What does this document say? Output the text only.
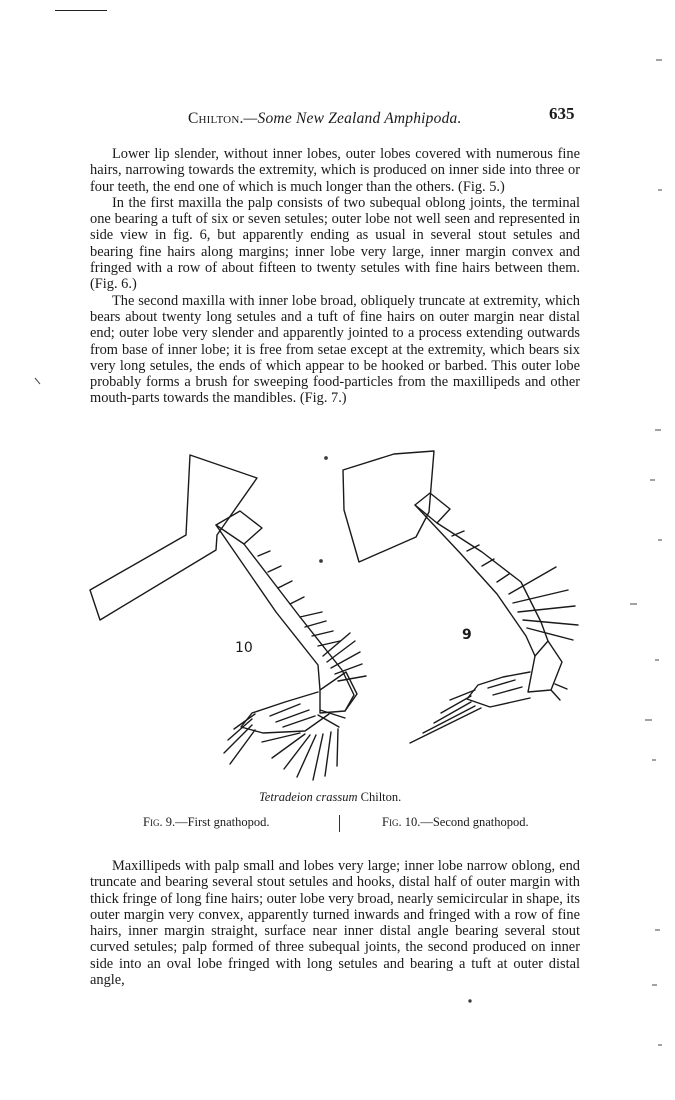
Chilton.—Some New Zealand Amphipoda.	635

Lower lip slender, without inner lobes, outer lobes covered with numerous fine hairs, narrowing towards the extremity, which is produced on inner side into three or four teeth, the end one of which is much longer than the others. (Fig. 5.)

In the first maxilla the palp consists of two subequal oblong joints, the terminal one bearing a tuft of six or seven setules; outer lobe not well seen and represented in side view in fig. 6, but apparently ending as usual in several stout setules and bearing fine hairs along margins; inner lobe very large, inner margin convex and fringed with a row of about fifteen to twenty setules with fine hairs between them. (Fig. 6.)

The second maxilla with inner lobe broad, obliquely truncate at extremity, which bears about twenty long setules and a tuft of fine hairs on outer margin near distal end; outer lobe very slender and apparently jointed to a process extending outwards from base of inner lobe; it is free from setae except at the extremity, which bears six very long setules, the ends of which appear to be hooked or barbed. This outer lobe probably forms a brush for sweeping food-particles from the maxillipeds and other mouth-parts towards the mandibles. (Fig. 7.)

10
9
Tetradeion crassum Chilton.
Fig. 9.—First gnathopod.	Fig. 10.—Second gnathopod.

Maxillipeds with palp small and lobes very large; inner lobe narrow oblong, end truncate and bearing several stout setules and hooks, distal half of outer margin with thick fringe of long fine hairs; outer lobe very broad, nearly semicircular in shape, its outer margin very convex, apparently turned inwards and fringed with a row of fine hairs, inner margin straight, surface near inner distal angle bearing several stout curved setules; palp formed of three subequal joints, the second produced on inner side into an oval lobe fringed with long setules and bearing a tuft at outer distal angle,
